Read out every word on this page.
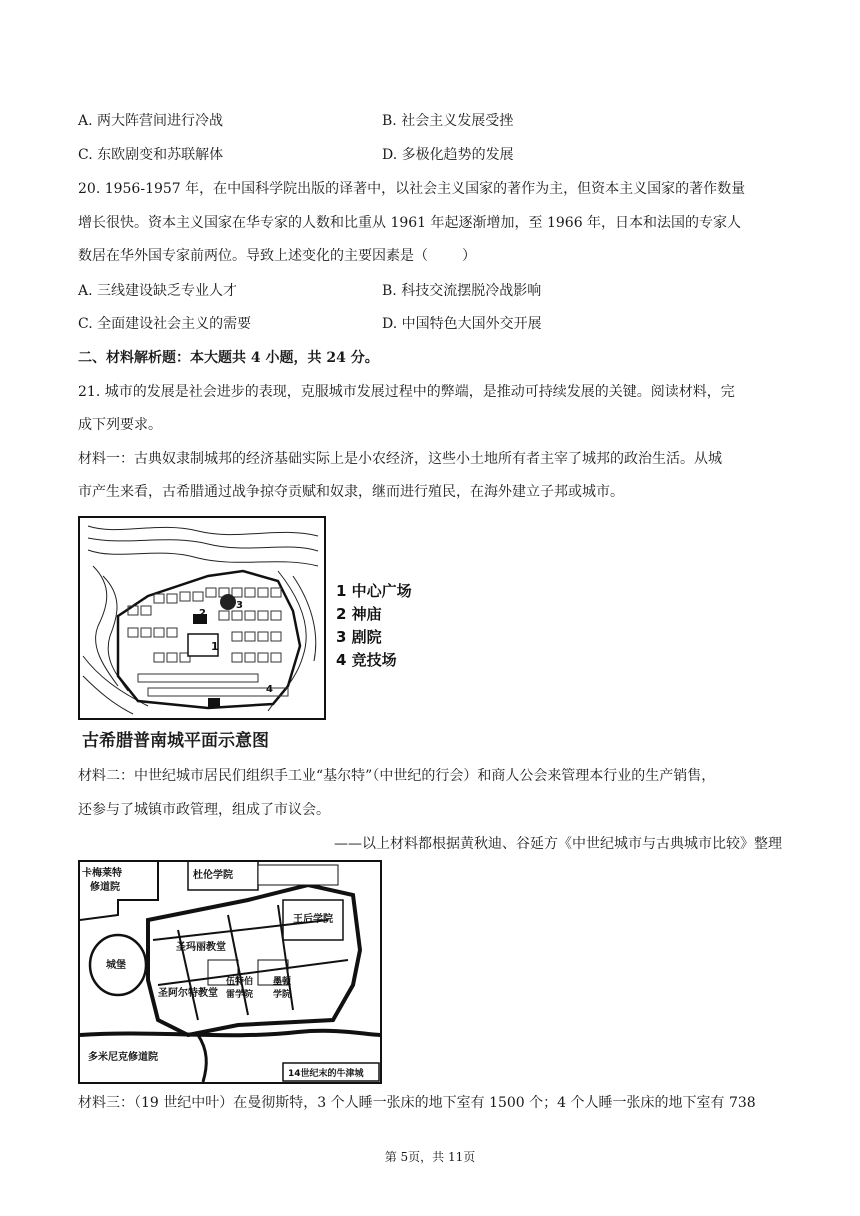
A. 两大阵营间进行冷战	B. 社会主义发展受挫
C. 东欧剧变和苏联解体	D. 多极化趋势的发展
20. 1956-1957 年，在中国科学院出版的译著中，以社会主义国家的著作为主，但资本主义国家的著作数量
增长很快。资本主义国家在华专家的人数和比重从 1961 年起逐渐增加，至 1966 年，日本和法国的专家人
数居在华外国专家前两位。导致上述变化的主要因素是（ ）
A. 三线建设缺乏专业人才	B. 科技交流摆脱冷战影响
C. 全面建设社会主义的需要	D. 中国特色大国外交开展
二、材料解析题：本大题共 4 小题，共 24 分。
21. 城市的发展是社会进步的表现，克服城市发展过程中的弊端，是推动可持续发展的关键。阅读材料，完
成下列要求。
材料一：古典奴隶制城邦的经济基础实际上是小农经济，这些小土地所有者主宰了城邦的政治生活。从城
市产生来看，古希腊通过战争掠夺贡赋和奴隶，继而进行殖民，在海外建立子邦或城市。
1
2
3
4
1 中心广场
2 神庙
3 剧院
4 竞技场
古希腊普南城平面示意图
材料二：中世纪城市居民们组织手工业“基尔特”（中世纪的行会）和商人公会来管理本行业的生产销售，
还参与了城镇市政管理，组成了市议会。
——以上材料都根据黄秋迪、谷延方《中世纪城市与古典城市比较》整理
卡梅莱特
修道院
杜伦学院
王后学院
圣玛丽教堂
城堡
圣阿尔特教堂
伍特伯
雷学院
墨顿
学院
多米尼克修道院
14世纪末的牛津城
材料三：（19 世纪中叶）在曼彻斯特，3 个人睡一张床的地下室有 1500 个；4 个人睡一张床的地下室有 738
第 5页，共 11页
